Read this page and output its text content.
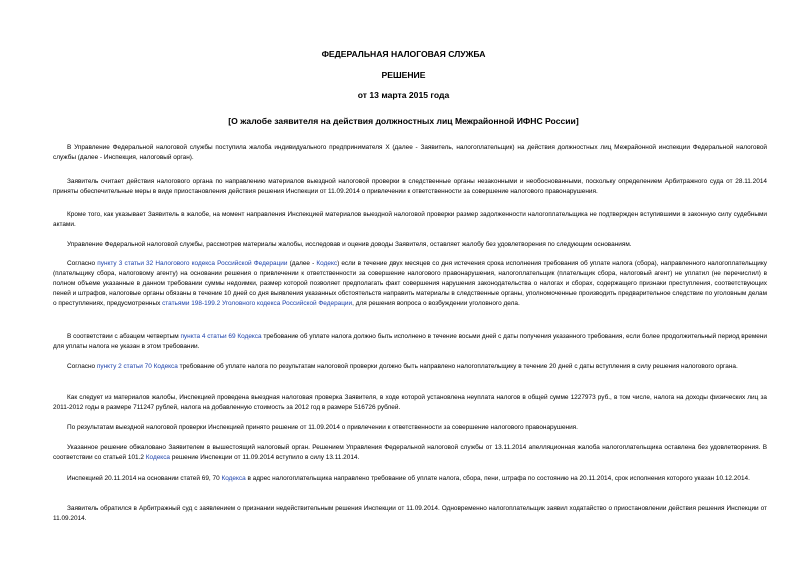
ФЕДЕРАЛЬНАЯ НАЛОГОВАЯ СЛУЖБА
РЕШЕНИЕ
от 13 марта 2015 года
[О жалобе заявителя на действия должностных лиц Межрайонной ИФНС России]

В Управление Федеральной налоговой службы поступила жалоба индивидуального предпринимателя Х (далее - Заявитель, налогоплательщик) на действия должностных лиц Межрайонной инспекции Федеральной налоговой службы (далее - Инспекция, налоговый орган).

Заявитель считает действия налогового органа по направлению материалов выездной налоговой проверки в следственные органы незаконными и необоснованными, поскольку определением Арбитражного суда от 28.11.2014 приняты обеспечительные меры в виде приостановления действия решения Инспекции от 11.09.2014 о привлечении к ответственности за совершение налогового правонарушения.

Кроме того, как указывает Заявитель в жалобе, на момент направления Инспекцией материалов выездной налоговой проверки размер задолженности налогоплательщика не подтвержден вступившими в законную силу судебными актами.

Управление Федеральной налоговой службы, рассмотрев материалы жалобы, исследовав и оценив доводы Заявителя, оставляет жалобу без удовлетворения по следующим основаниям.

Согласно пункту 3 статьи 32 Налогового кодекса Российской Федерации (далее - Кодекс) если в течение двух месяцев со дня истечения срока исполнения требования об уплате налога (сбора), направленного налогоплательщику (плательщику сбора, налоговому агенту) на основании решения о привлечении к ответственности за совершение налогового правонарушения, налогоплательщик (плательщик сбора, налоговый агент) не уплатил (не перечислил) в полном объеме указанные в данном требовании суммы недоимки, размер которой позволяет предполагать факт совершения нарушения законодательства о налогах и сборах, содержащего признаки преступления, соответствующих пеней и штрафов, налоговые органы обязаны в течение 10 дней со дня выявления указанных обстоятельств направить материалы в следственные органы, уполномоченные производить предварительное следствие по уголовным делам о преступлениях, предусмотренных статьями 198-199.2 Уголовного кодекса Российской Федерации, для решения вопроса о возбуждении уголовного дела.

В соответствии с абзацем четвертым пункта 4 статьи 69 Кодекса требование об уплате налога должно быть исполнено в течение восьми дней с даты получения указанного требования, если более продолжительный период времени для уплаты налога не указан в этом требовании.

Согласно пункту 2 статьи 70 Кодекса требование об уплате налога по результатам налоговой проверки должно быть направлено налогоплательщику в течение 20 дней с даты вступления в силу решения налогового органа.

Как следует из материалов жалобы, Инспекцией проведена выездная налоговая проверка Заявителя, в ходе которой установлена неуплата налогов в общей сумме 1227973 руб., в том числе, налога на доходы физических лиц за 2011-2012 годы в размере 711247 рублей, налога на добавленную стоимость за 2012 год в размере 516726 рублей.

По результатам выездной налоговой проверки Инспекцией принято решение от 11.09.2014 о привлечении к ответственности за совершение налогового правонарушения.

Указанное решение обжаловано Заявителем в вышестоящий налоговый орган. Решением Управления Федеральной налоговой службы от 13.11.2014 апелляционная жалоба налогоплательщика оставлена без удовлетворения. В соответствии со статьей 101.2 Кодекса решение Инспекции от 11.09.2014 вступило в силу 13.11.2014.

Инспекцией 20.11.2014 на основании статей 69, 70 Кодекса в адрес налогоплательщика направлено требование об уплате налога, сбора, пени, штрафа по состоянию на 20.11.2014, срок исполнения которого указан 10.12.2014.

Заявитель обратился в Арбитражный суд с заявлением о признании недействительным решения Инспекции от 11.09.2014. Одновременно налогоплательщик заявил ходатайство о приостановлении действия решения Инспекции от 11.09.2014.
